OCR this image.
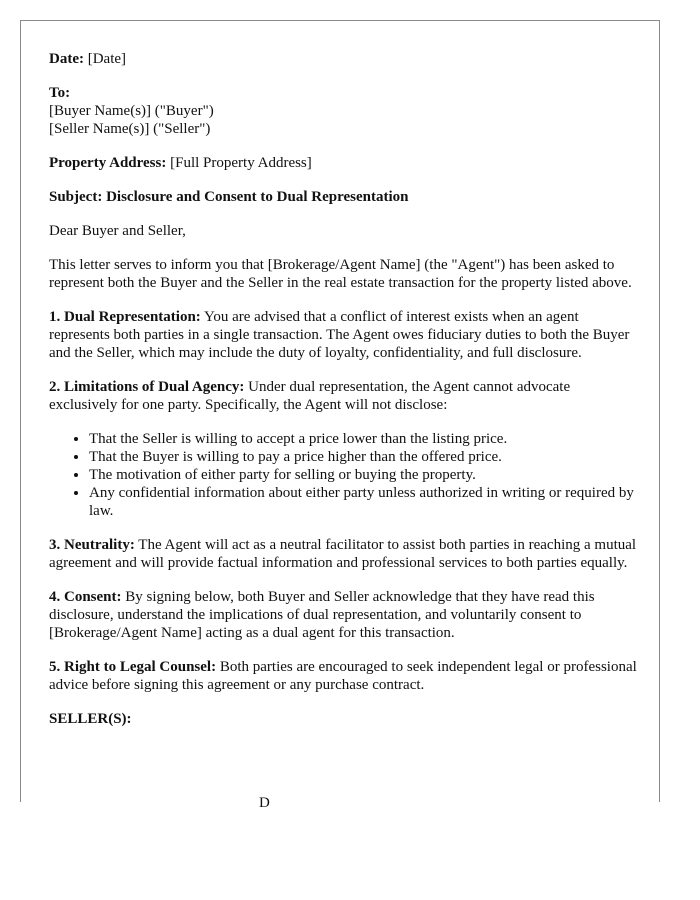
Date: [Date]

To:
[Buyer Name(s)] ("Buyer")
[Seller Name(s)] ("Seller")

Property Address: [Full Property Address]

Subject: Disclosure and Consent to Dual Representation

Dear Buyer and Seller,

This letter serves to inform you that [Brokerage/Agent Name] (the "Agent") has been asked to represent both the Buyer and the Seller in the real estate transaction for the property listed above.

1. Dual Representation: You are advised that a conflict of interest exists when an agent represents both parties in a single transaction. The Agent owes fiduciary duties to both the Buyer and the Seller, which may include the duty of loyalty, confidentiality, and full disclosure.

2. Limitations of Dual Agency: Under dual representation, the Agent cannot advocate exclusively for one party. Specifically, the Agent will not disclose:

• That the Seller is willing to accept a price lower than the listing price.
• That the Buyer is willing to pay a price higher than the offered price.
• The motivation of either party for selling or buying the property.
• Any confidential information about either party unless authorized in writing or required by law.

3. Neutrality: The Agent will act as a neutral facilitator to assist both parties in reaching a mutual agreement and will provide factual information and professional services to both parties equally.

4. Consent: By signing below, both Buyer and Seller acknowledge that they have read this disclosure, understand the implications of dual representation, and voluntarily consent to [Brokerage/Agent Name] acting as a dual agent for this transaction.

5. Right to Legal Counsel: Both parties are encouraged to seek independent legal or professional advice before signing this agreement or any purchase contract.

SELLER(S):

D
